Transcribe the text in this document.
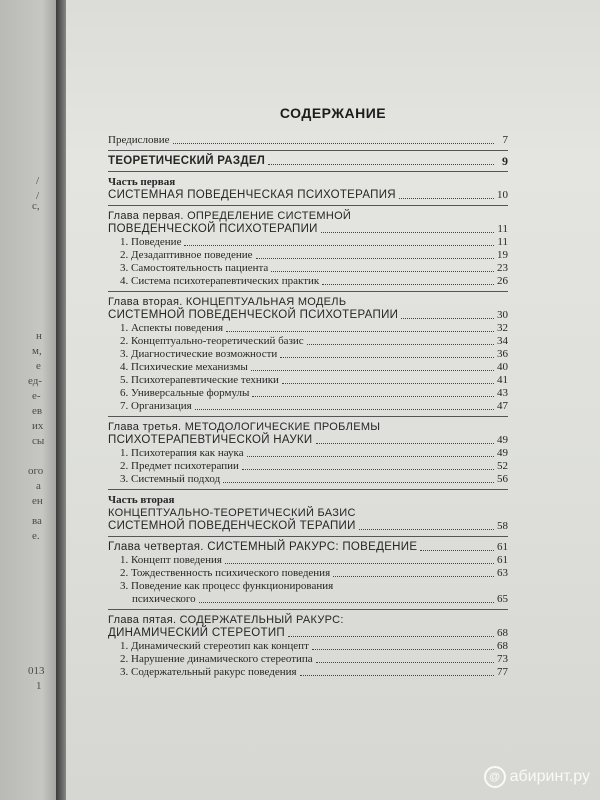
/
/
с,
н
м,
е
ед-
е-
ев
их
сы
ого
а
ен
ва
е.
013
1
СОДЕРЖАНИЕ
Предисловие	7
ТЕОРЕТИЧЕСКИЙ РАЗДЕЛ	9
Часть первая
СИСТЕМНАЯ ПОВЕДЕНЧЕСКАЯ ПСИХОТЕРАПИЯ	10
Глава первая. ОПРЕДЕЛЕНИЕ СИСТЕМНОЙ
ПОВЕДЕНЧЕСКОЙ ПСИХОТЕРАПИИ	11
1. Поведение	11
2. Дезадаптивное поведение	19
3. Самостоятельность пациента	23
4. Система психотерапевтических практик	26
Глава вторая. КОНЦЕПТУАЛЬНАЯ МОДЕЛЬ
СИСТЕМНОЙ ПОВЕДЕНЧЕСКОЙ ПСИХОТЕРАПИИ	30
1. Аспекты поведения	32
2. Концептуально-теоретический базис	34
3. Диагностические возможности	36
4. Психические механизмы	40
5. Психотерапевтические техники	41
6. Универсальные формулы	43
7. Организация	47
Глава третья. МЕТОДОЛОГИЧЕСКИЕ ПРОБЛЕМЫ
ПСИХОТЕРАПЕВТИЧЕСКОЙ НАУКИ	49
1. Психотерапия как наука	49
2. Предмет психотерапии	52
3. Системный подход	56
Часть вторая
КОНЦЕПТУАЛЬНО-ТЕОРЕТИЧЕСКИЙ БАЗИС
СИСТЕМНОЙ ПОВЕДЕНЧЕСКОЙ ТЕРАПИИ	58
Глава четвертая. СИСТЕМНЫЙ РАКУРС: ПОВЕДЕНИЕ	61
1. Концепт поведения	61
2. Тождественность психического поведения	63
3. Поведение как процесс функционирования
психического	65
Глава пятая. СОДЕРЖАТЕЛЬНЫЙ РАКУРС:
ДИНАМИЧЕСКИЙ СТЕРЕОТИП	68
1. Динамический стереотип как концепт	68
2. Нарушение динамического стереотипа	73
3. Содержательный ракурс поведения	77
@ абиринт.ру
